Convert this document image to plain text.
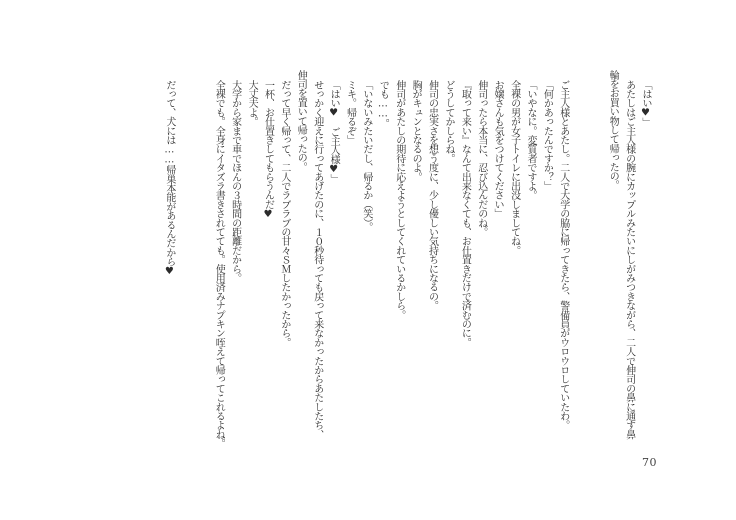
「はい♥」
あたしはご主人様の腕にカップルみたいにしがみつきながら、二人で伸司の鼻に通す鼻
輪をお買い物して帰ったの。
ご主人様とあたし。二人で大学の脇に帰ってきたら、警備員がウロウロしていたわ。
「何かあったんですか？」
「いやなに。変質者ですよ。
全裸の男が女子トイレに出没しましてね。
お嬢さんも気をつけてください」
伸司ったら本当に、忍び込んだのね。
『取って来い』なんて出来なくても、お仕置きだけで済むのに。
どうしてかしらね。
伸司の忠実さを想う度に、少し優しい気持ちになるの。
胸がキュンとなるのよ。
伸司があたしの期待に応えようとしてくれているかしら。
でも……。
「いないみたいだし、帰るか（笑）。
ミキ。帰るぞ」
「はい♥　ご主人様♥」
せっかく迎えに行ってあげたのに、１０秒待っても戻って来なかったからあたしたち、
伸司を置いて帰ったの。
だって早く帰って、二人でラブラブの甘々ＳＭしたかったから。
一杯、お仕置きしてもらうんだ♥
大丈夫よ。
大学から家まで車でほんの３時間の距離だから。
全裸でも。全身にイタズラ書きされてても。使用済みナプキン咥えて帰ってこれるよね。
だって、犬には……帰巣本能があるんだから♥
70
